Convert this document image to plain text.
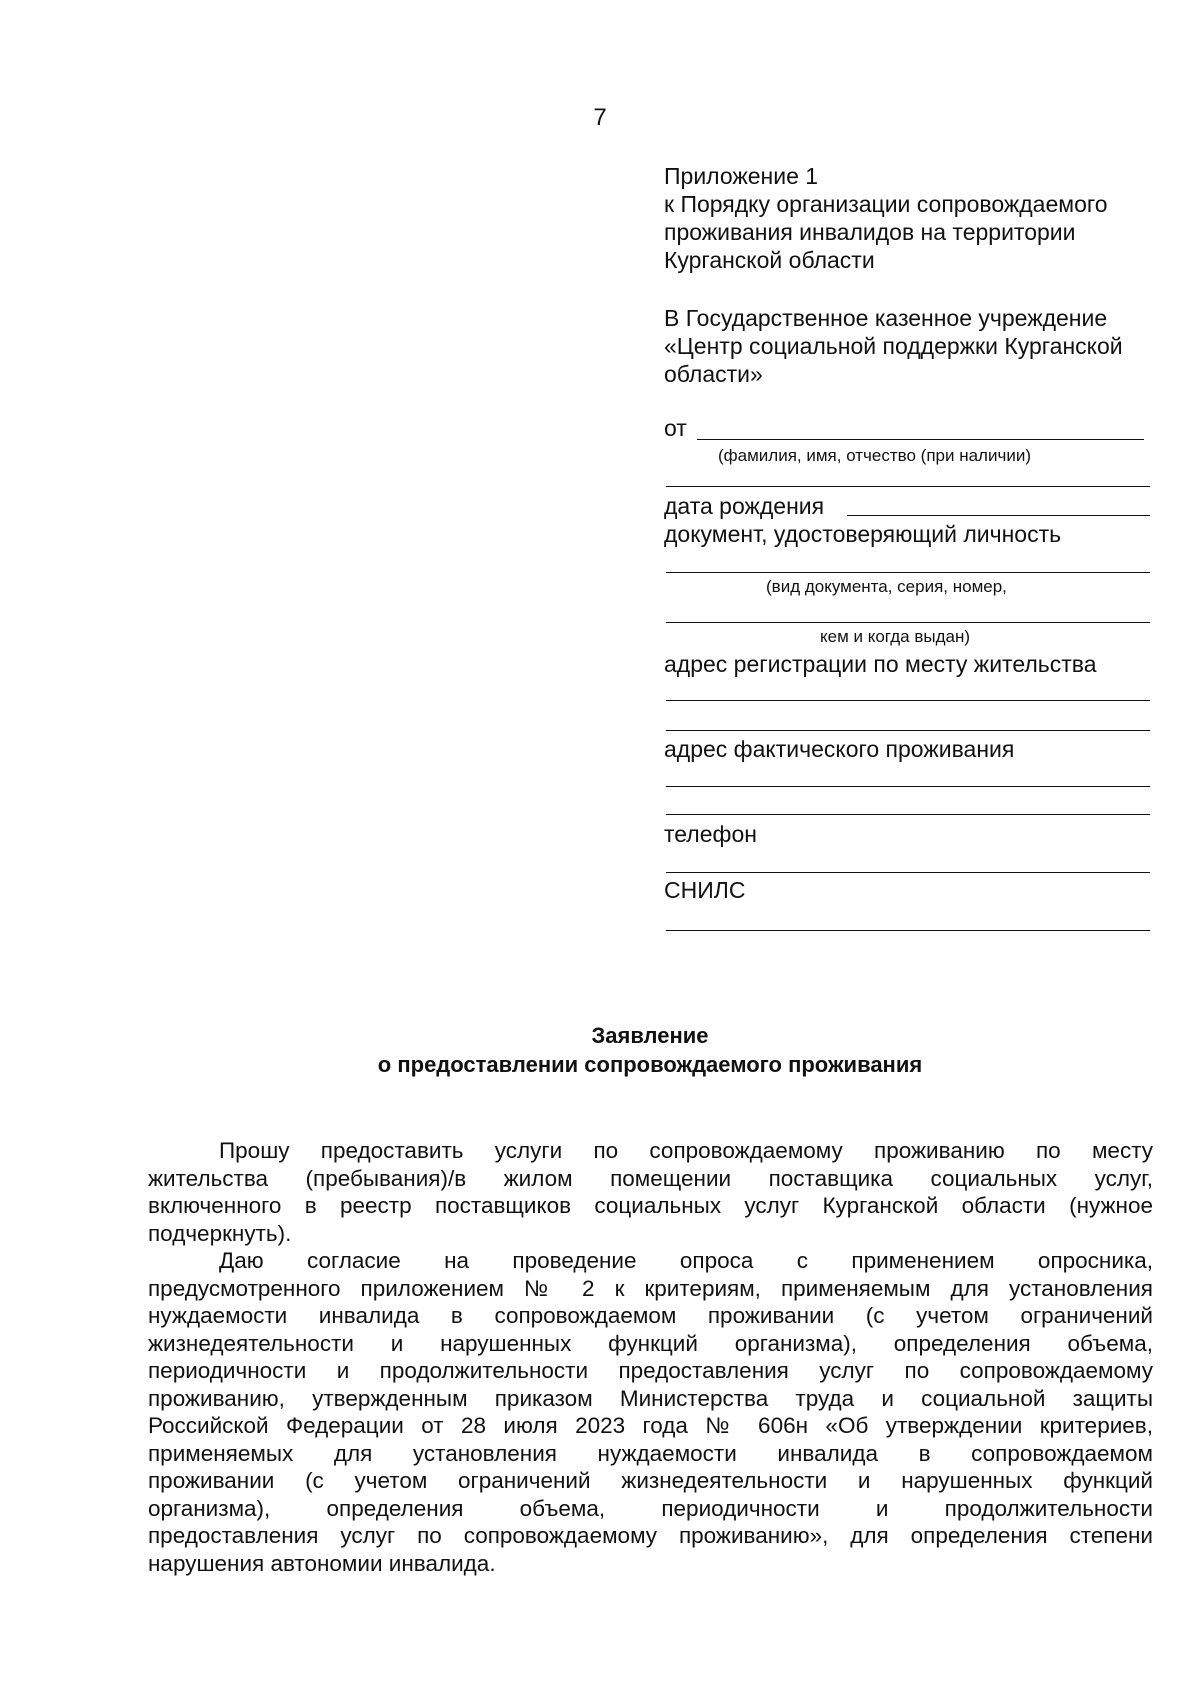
7
Приложение 1
к Порядку организации сопровождаемого
проживания инвалидов на территории
Курганской области
В Государственное казенное учреждение
«Центр социальной поддержки Курганской
области»
от
(фамилия, имя, отчество (при наличии)
дата рождения
документ, удостоверяющий личность
(вид документа, серия, номер,
кем и когда выдан)
адрес регистрации по месту жительства
адрес фактического проживания
телефон
СНИЛС
Заявление
о предоставлении сопровождаемого проживания
Прошу предоставить услуги по сопровождаемому проживанию по месту
жительства (пребывания)/в жилом помещении поставщика социальных услуг,
включенного в реестр поставщиков социальных услуг Курганской области (нужное
подчеркнуть).
Даю согласие на проведение опроса с применением опросника,
предусмотренного приложением № 2 к критериям, применяемым для установления
нуждаемости инвалида в сопровождаемом проживании (с учетом ограничений
жизнедеятельности и нарушенных функций организма), определения объема,
периодичности и продолжительности предоставления услуг по сопровождаемому
проживанию, утвержденным приказом Министерства труда и социальной защиты
Российской Федерации от 28 июля 2023 года № 606н «Об утверждении критериев,
применяемых для установления нуждаемости инвалида в сопровождаемом
проживании (с учетом ограничений жизнедеятельности и нарушенных функций
организма), определения объема, периодичности и продолжительности
предоставления услуг по сопровождаемому проживанию», для определения степени
нарушения автономии инвалида.
